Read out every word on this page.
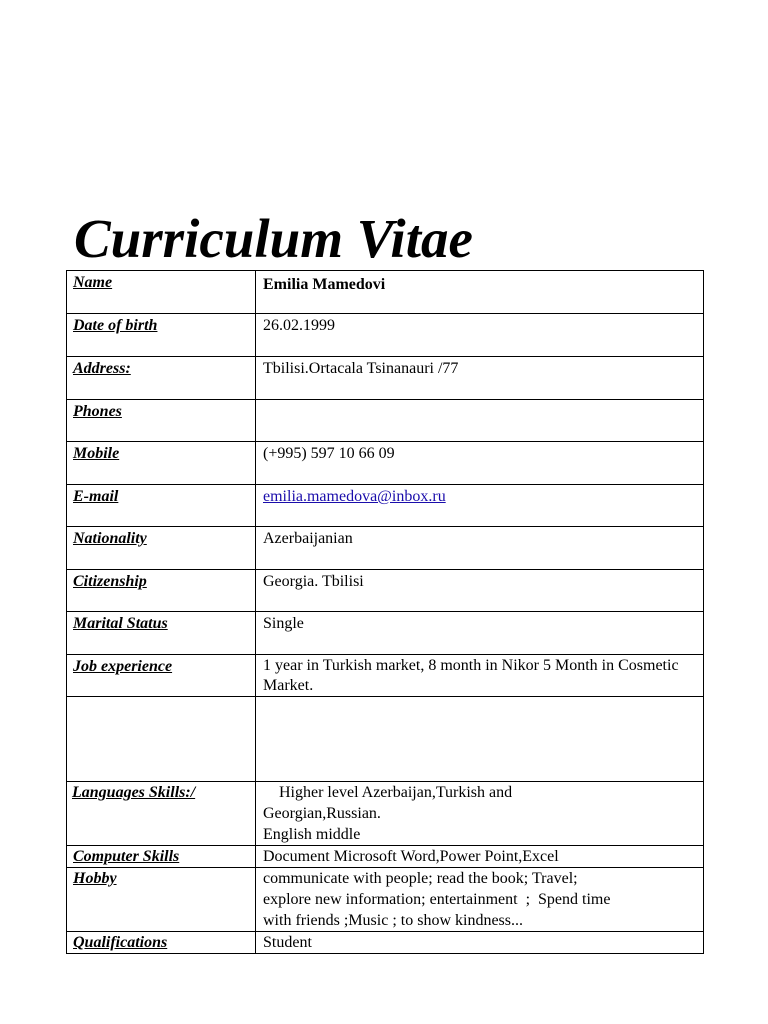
Curriculum Vitae
Name	Emilia Mamedovi

Date of birth	26.02.1999

Address:	Tbilisi.Ortacala Tsinanauri /77

Phones	

Mobile	(+995) 597 10 66 09

E-mail	emilia.mamedova@inbox.ru

Nationality	Azerbaijanian

Citizenship	Georgia. Tbilisi

Marital Status	Single

Job experience	1 year in Turkish market, 8 month in Nikor 5 Month in Cosmetic Market.

Languages Skills:/	Higher level Azerbaijan,Turkish and
Georgian,Russian.
English middle

Computer Skills	Document Microsoft Word,Power Point,Excel

Hobby	communicate with people; read the book; Travel;
explore new information; entertainment  ;  Spend time
with friends ;Music ; to show kindness...

Qualifications	Student
